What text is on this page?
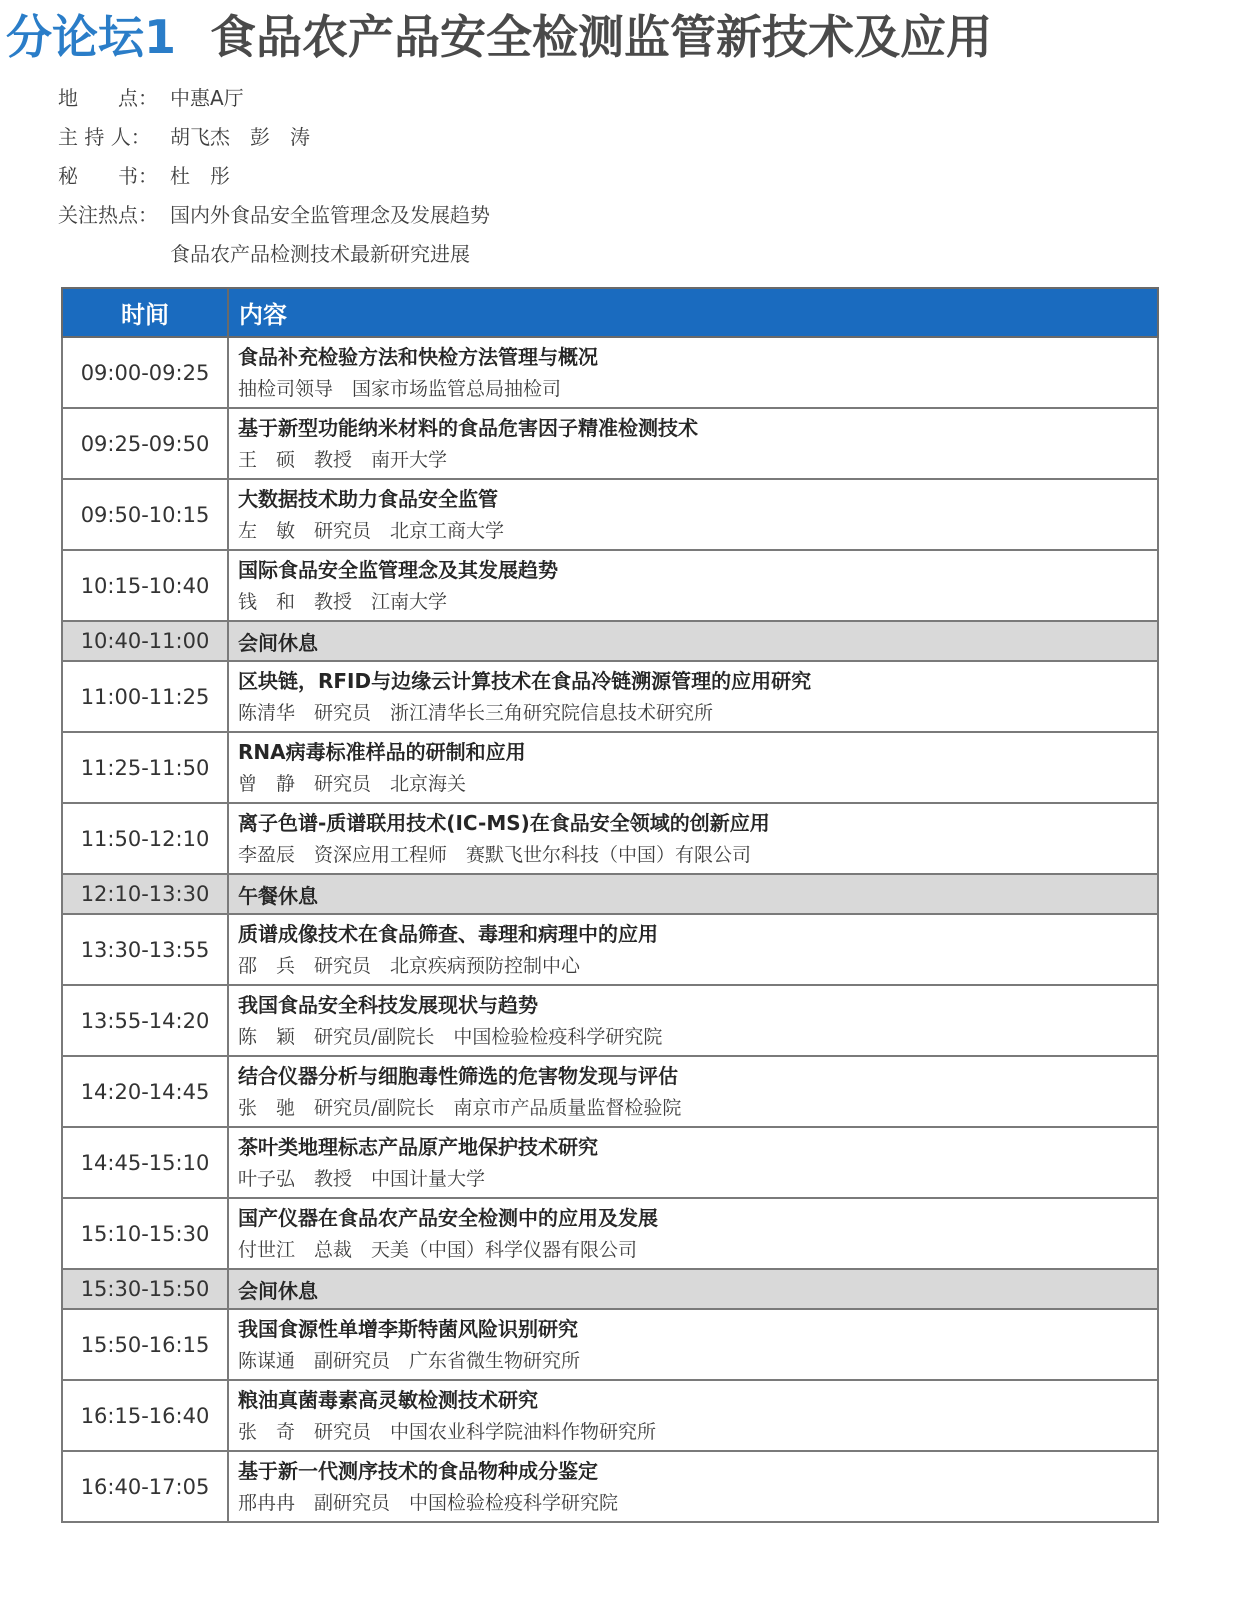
分论坛1 食品农产品安全检测监管新技术及应用
地　　点： 中惠A厅
主 持 人： 胡飞杰　彭　涛
秘　　书： 杜　彤
关注热点： 国内外食品安全监管理念及发展趋势
食品农产品检测技术最新研究进展
时间	内容
09:00-09:25	食品补充检验方法和快检方法管理与概况
抽检司领导　国家市场监管总局抽检司

09:25-09:50	基于新型功能纳米材料的食品危害因子精准检测技术
王　硕　教授　南开大学

09:50-10:15	大数据技术助力食品安全监管
左　敏　研究员　北京工商大学

10:15-10:40	国际食品安全监管理念及其发展趋势
钱　和　教授　江南大学

10:40-11:00	会间休息
11:00-11:25	区块链，RFID与边缘云计算技术在食品冷链溯源管理的应用研究
陈清华　研究员　浙江清华长三角研究院信息技术研究所

11:25-11:50	RNA病毒标准样品的研制和应用
曾　静　研究员　北京海关

11:50-12:10	离子色谱-质谱联用技术(IC-MS)在食品安全领域的创新应用
李盈辰　资深应用工程师　赛默飞世尔科技（中国）有限公司

12:10-13:30	午餐休息
13:30-13:55	质谱成像技术在食品筛查、毒理和病理中的应用
邵　兵　研究员　北京疾病预防控制中心

13:55-14:20	我国食品安全科技发展现状与趋势
陈　颖　研究员/副院长　中国检验检疫科学研究院

14:20-14:45	结合仪器分析与细胞毒性筛选的危害物发现与评估
张　驰　研究员/副院长　南京市产品质量监督检验院

14:45-15:10	茶叶类地理标志产品原产地保护技术研究
叶子弘　教授　中国计量大学

15:10-15:30	国产仪器在食品农产品安全检测中的应用及发展
付世江　总裁　天美（中国）科学仪器有限公司

15:30-15:50	会间休息
15:50-16:15	我国食源性单增李斯特菌风险识别研究
陈谋通　副研究员　广东省微生物研究所

16:15-16:40	粮油真菌毒素高灵敏检测技术研究
张　奇　研究员　中国农业科学院油料作物研究所

16:40-17:05	基于新一代测序技术的食品物种成分鉴定
邢冉冉　副研究员　中国检验检疫科学研究院
